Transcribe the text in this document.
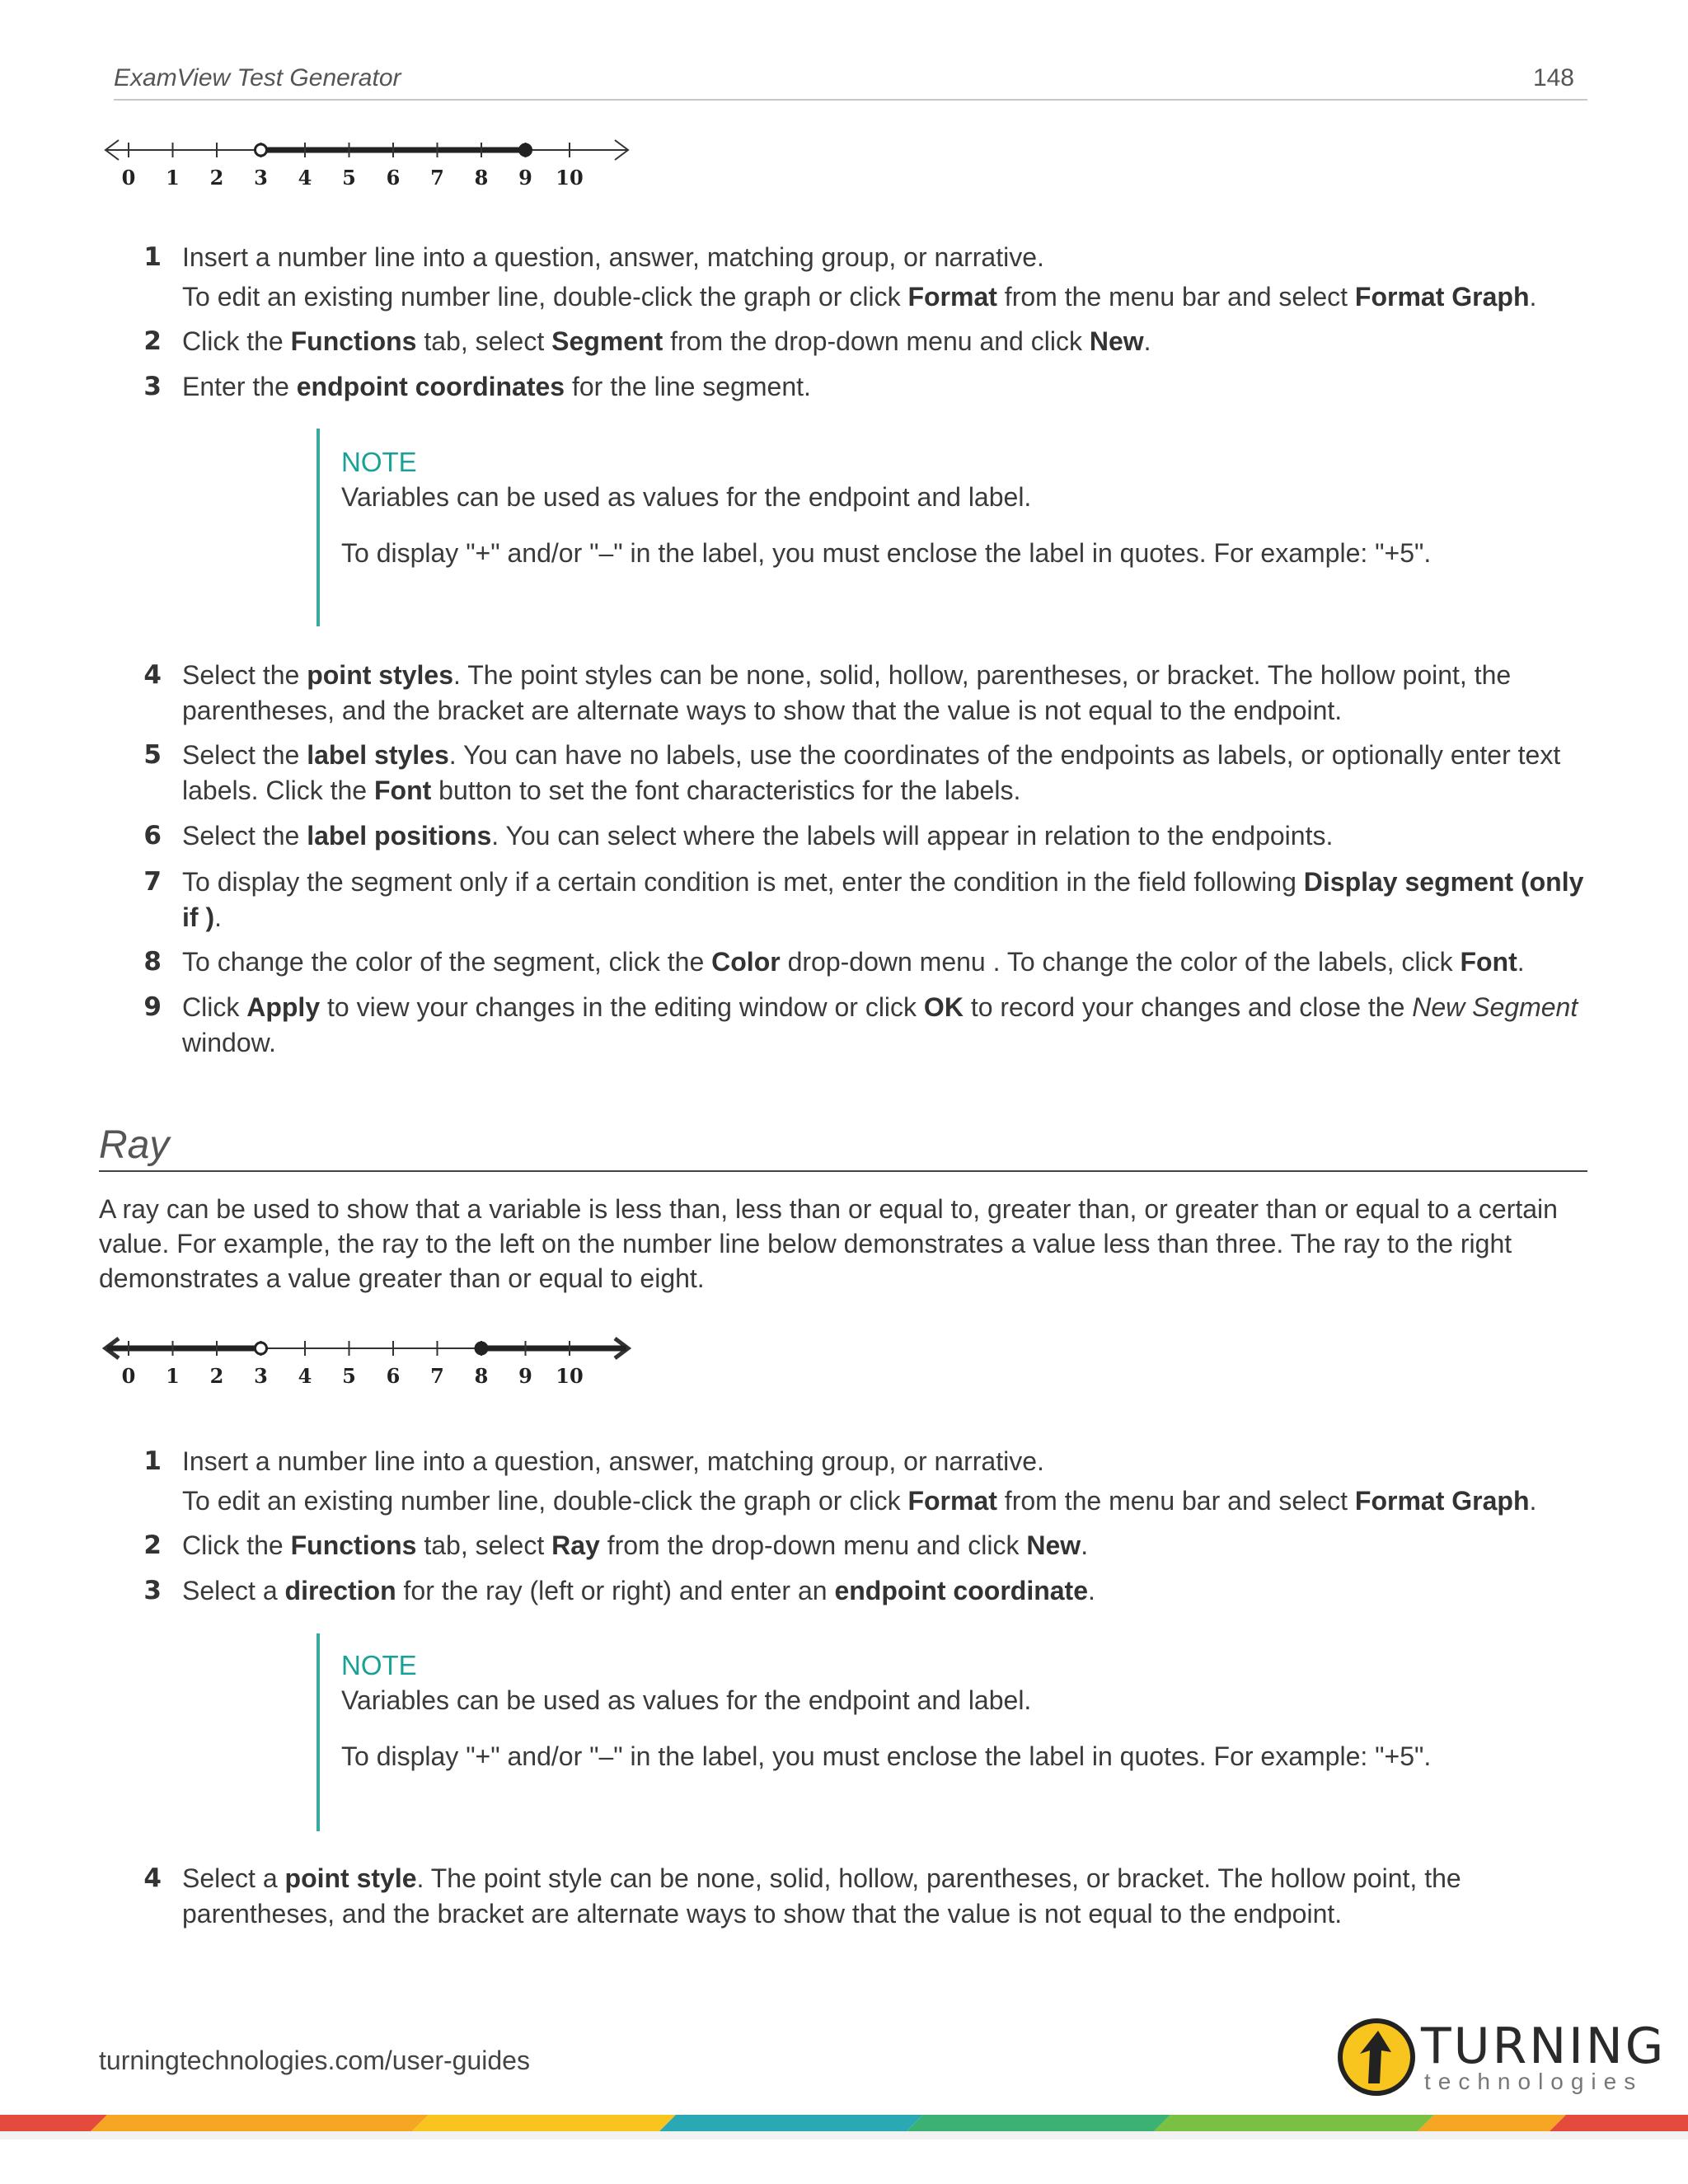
ExamView Test Generator	148
0 1 2 3 4 5 6 7 8 9 10
1 Insert a number line into a question, answer, matching group, or narrative.
To edit an existing number line, double-click the graph or click Format from the menu bar and select Format Graph.
2 Click the Functions tab, select Segment from the drop-down menu and click New.
3 Enter the endpoint coordinates for the line segment.
NOTE
Variables can be used as values for the endpoint and label.
To display "+" and/or "–" in the label, you must enclose the label in quotes. For example: "+5".
4 Select the point styles. The point styles can be none, solid, hollow, parentheses, or bracket. The hollow point, the parentheses, and the bracket are alternate ways to show that the value is not equal to the endpoint.
5 Select the label styles. You can have no labels, use the coordinates of the endpoints as labels, or optionally enter text labels. Click the Font button to set the font characteristics for the labels.
6 Select the label positions. You can select where the labels will appear in relation to the endpoints.
7 To display the segment only if a certain condition is met, enter the condition in the field following Display segment (only if ).
8 To change the color of the segment, click the Color drop-down menu . To change the color of the labels, click Font.
9 Click Apply to view your changes in the editing window or click OK to record your changes and close the New Segment window.
Ray
A ray can be used to show that a variable is less than, less than or equal to, greater than, or greater than or equal to a certain value. For example, the ray to the left on the number line below demonstrates a value less than three. The ray to the right demonstrates a value greater than or equal to eight.
0 1 2 3 4 5 6 7 8 9 10
1 Insert a number line into a question, answer, matching group, or narrative.
To edit an existing number line, double-click the graph or click Format from the menu bar and select Format Graph.
2 Click the Functions tab, select Ray from the drop-down menu and click New.
3 Select a direction for the ray (left or right) and enter an endpoint coordinate.
NOTE
Variables can be used as values for the endpoint and label.
To display "+" and/or "–" in the label, you must enclose the label in quotes. For example: "+5".
4 Select a point style. The point style can be none, solid, hollow, parentheses, or bracket. The hollow point, the parentheses, and the bracket are alternate ways to show that the value is not equal to the endpoint.
turningtechnologies.com/user-guides	TURNING
technologies
